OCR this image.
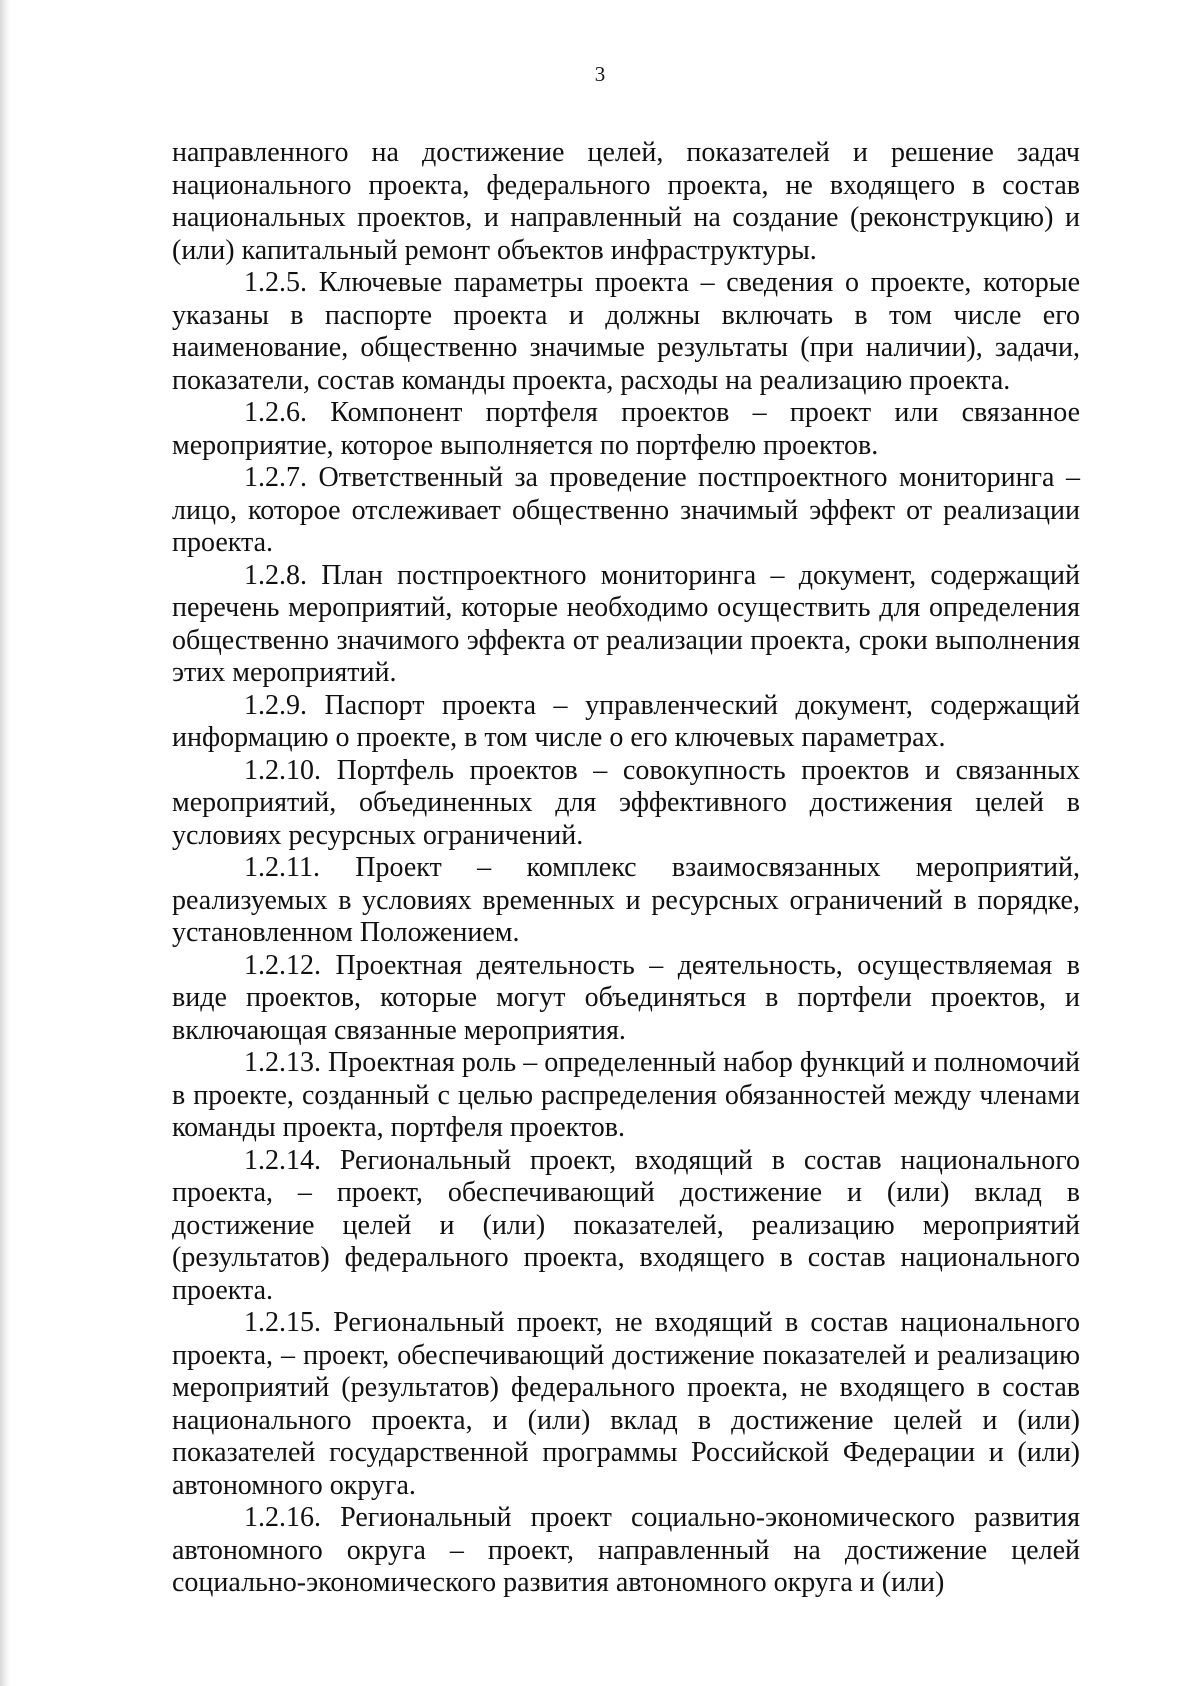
3

направленного на достижение целей, показателей и решение задач национального проекта, федерального проекта, не входящего в состав национальных проектов, и направленный на создание (реконструкцию) и (или) капитальный ремонт объектов инфраструктуры.

1.2.5. Ключевые параметры проекта – сведения о проекте, которые указаны в паспорте проекта и должны включать в том числе его наименование, общественно значимые результаты (при наличии), задачи, показатели, состав команды проекта, расходы на реализацию проекта.

1.2.6. Компонент портфеля проектов – проект или связанное мероприятие, которое выполняется по портфелю проектов.

1.2.7. Ответственный за проведение постпроектного мониторинга – лицо, которое отслеживает общественно значимый эффект от реализации проекта.

1.2.8. План постпроектного мониторинга – документ, содержащий перечень мероприятий, которые необходимо осуществить для определения общественно значимого эффекта от реализации проекта, сроки выполнения этих мероприятий.

1.2.9. Паспорт проекта – управленческий документ, содержащий информацию о проекте, в том числе о его ключевых параметрах.

1.2.10. Портфель проектов – совокупность проектов и связанных мероприятий, объединенных для эффективного достижения целей в условиях ресурсных ограничений.

1.2.11. Проект – комплекс взаимосвязанных мероприятий, реализуемых в условиях временных и ресурсных ограничений в порядке, установленном Положением.

1.2.12. Проектная деятельность – деятельность, осуществляемая в виде проектов, которые могут объединяться в портфели проектов, и включающая связанные мероприятия.

1.2.13. Проектная роль – определенный набор функций и полномочий в проекте, созданный с целью распределения обязанностей между членами команды проекта, портфеля проектов.

1.2.14. Региональный проект, входящий в состав национального проекта, – проект, обеспечивающий достижение и (или) вклад в достижение целей и (или) показателей, реализацию мероприятий (результатов) федерального проекта, входящего в состав национального проекта.

1.2.15. Региональный проект, не входящий в состав национального проекта, – проект, обеспечивающий достижение показателей и реализацию мероприятий (результатов) федерального проекта, не входящего в состав национального проекта, и (или) вклад в достижение целей и (или) показателей государственной программы Российской Федерации и (или) автономного округа.

1.2.16. Региональный проект социально-экономического развития автономного округа – проект, направленный на достижение целей социально-экономического развития автономного округа и (или)
